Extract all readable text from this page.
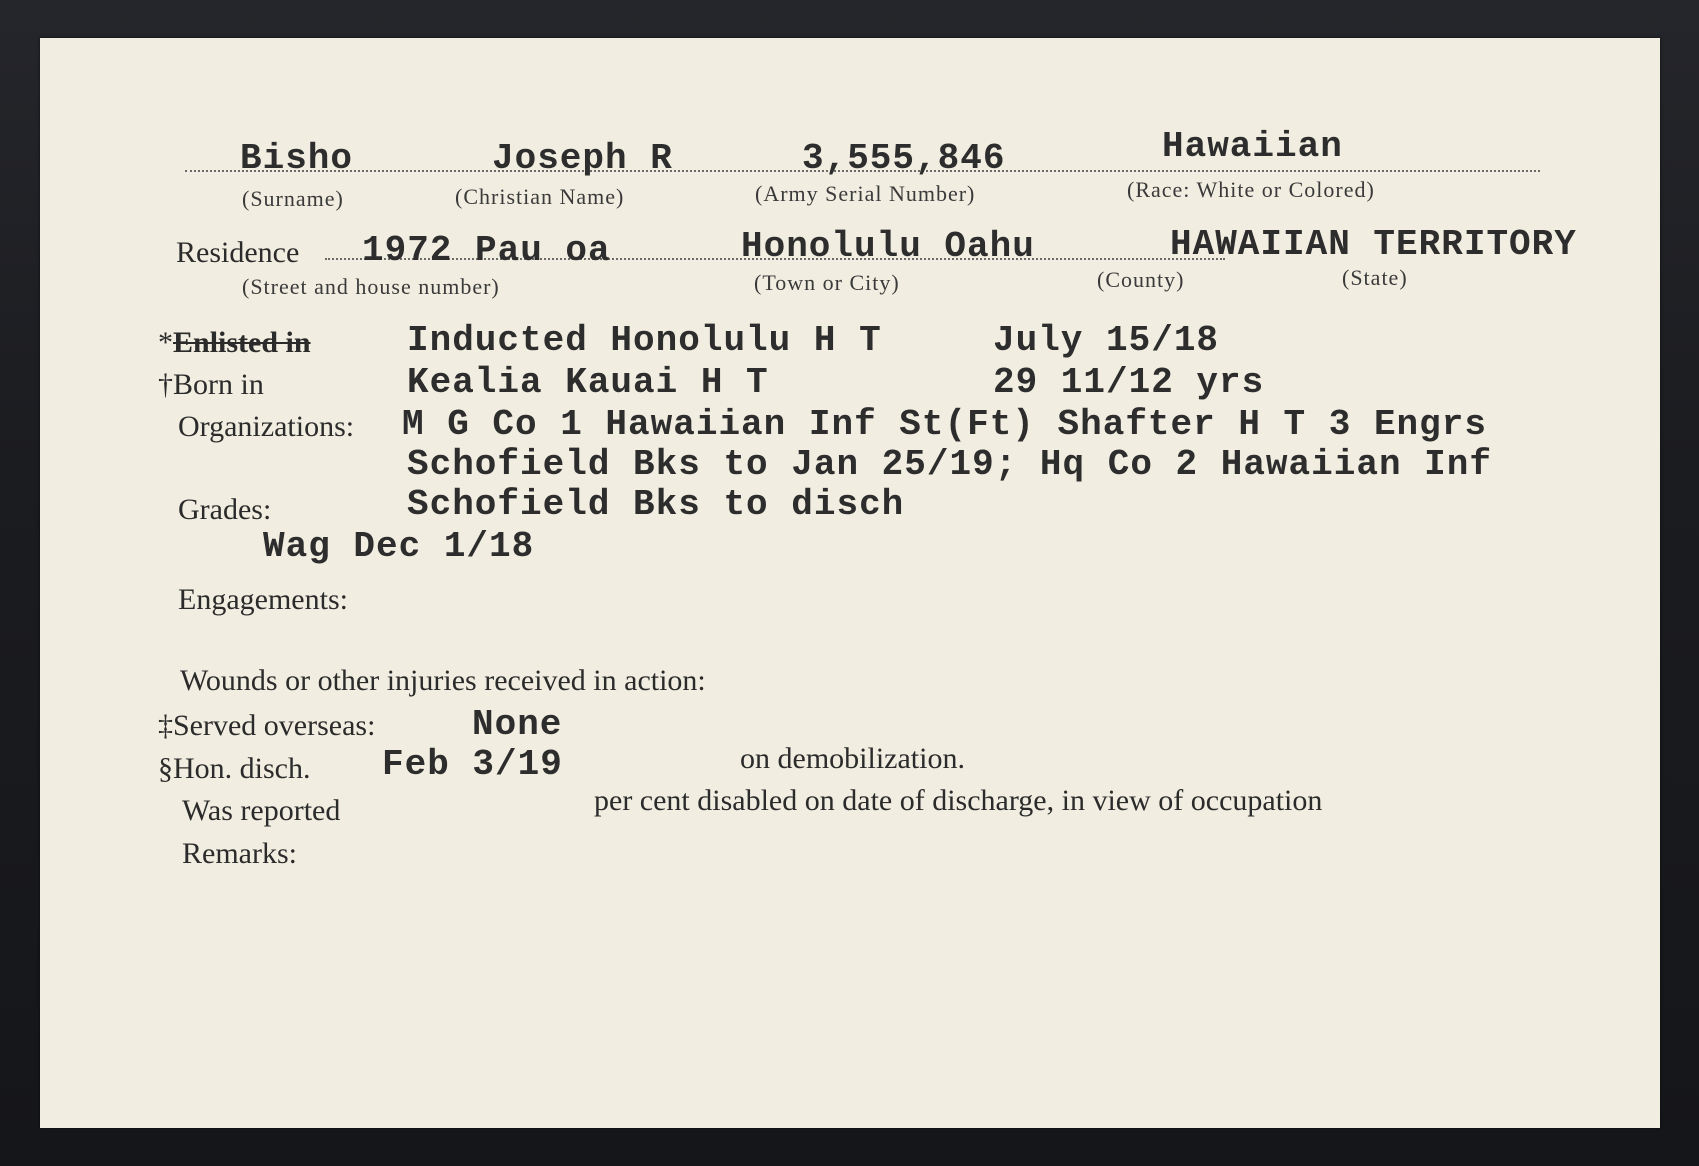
Bisho	Joseph R	3,555,846	Hawaiian
(Surname)	(Christian Name)	(Army Serial Number)	(Race: White or Colored)
Residence 1972 Pau oa	Honolulu Oahu	HAWAIIAN TERRITORY
(Street and house number)	(Town or City)	(County)	(State)
*Enlisted in	Inducted Honolulu H T	July 15/18
†Born in	Kealia Kauai H T	29 11/12 yrs
Organizations: M G Co 1 Hawaiian Inf St(Ft) Shafter H T 3 Engrs
Schofield Bks to Jan 25/19; Hq Co 2 Hawaiian Inf
Schofield Bks to disch
Grades:
Wag Dec 1/18
Engagements:
Wounds or other injuries received in action:
‡Served overseas:	None
§Hon. disch. Feb 3/19	on demobilization.
Was reported	per cent disabled on date of discharge, in view of occupation
Remarks:
